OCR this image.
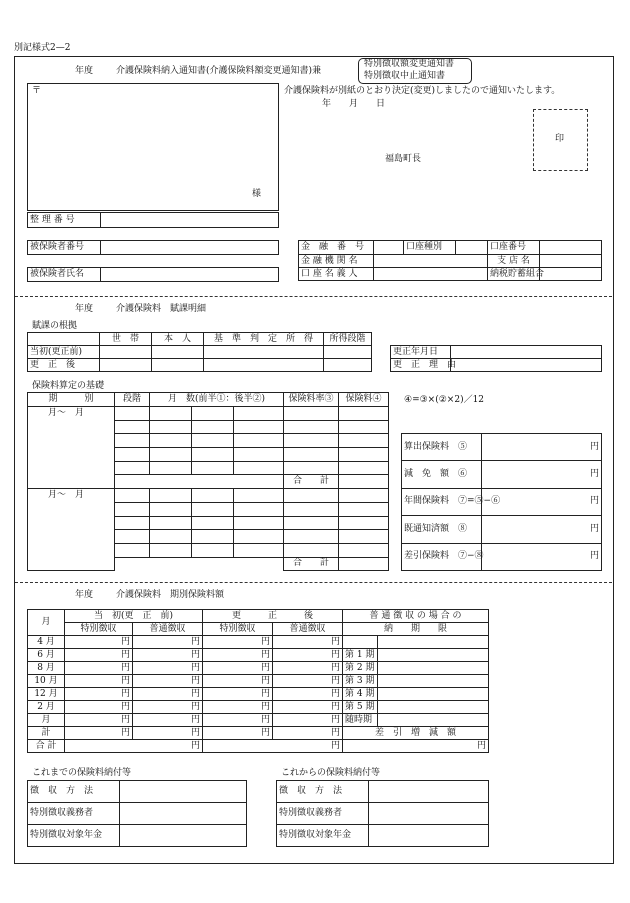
別記様式2—2
年度	介護保険料納入通知書(介護保険料額変更通知書)兼
特別徴収額変更通知書
特別徴収中止通知書
〒
様
介護保険料が別紙のとおり決定(変更)しましたので通知いたします。
年　　月　　日
福島町長
印
整 理 番 号	
被保険者番号	
被保険者氏名	
金　融　番　号		口座種別		口座番号	
金 融 機 関 名				支 店 名	
口 座 名 義 人				納税貯蓄組合	
年度	介護保険料　賦課明細
賦課の根拠
	世　帯	本　人	基　準　判　定　所　得	所得段階
当初(更正前)				
更　正　後				
更正年月日	
更　正　理　由	
保険料算定の基礎
期　　　別	段階	月　数(前半①：後半②)			保険料率③	保険料④
月～　月						

					合　　計	
月～　月						

					合　　計	
④=③×(②×2)／12
算出保険料　⑤	円
減　免　額　⑥	円
年間保険料　⑦=⑤−⑥	円
既通知済額　⑧	円
差引保険料　⑦−⑧	円
年度	介護保険料　期別保険料額
月	当　初(更　正　前)		更　　　正　　　後		普 通 徴 収 の 場 合 の	
	特別徴収	普通徴収	特別徴収	普通徴収	納　　期　　限	
4 月	円	円	円	円		
6 月	円	円	円	円	第 1 期	
8 月	円	円	円	円	第 2 期	
10 月	円	円	円	円	第 3 期	
12 月	円	円	円	円	第 4 期	
2 月	円	円	円	円	第 5 期	
月	円	円	円	円	随時期	
計	円	円	円	円	差　引　増　減　額	
合 計	円		円		円	
これまでの保険料納付等	これからの保険料納付等
徴　収　方　法	
特別徴収義務者	
特別徴収対象年金	
徴　収　方　法	
特別徴収義務者	
特別徴収対象年金	
